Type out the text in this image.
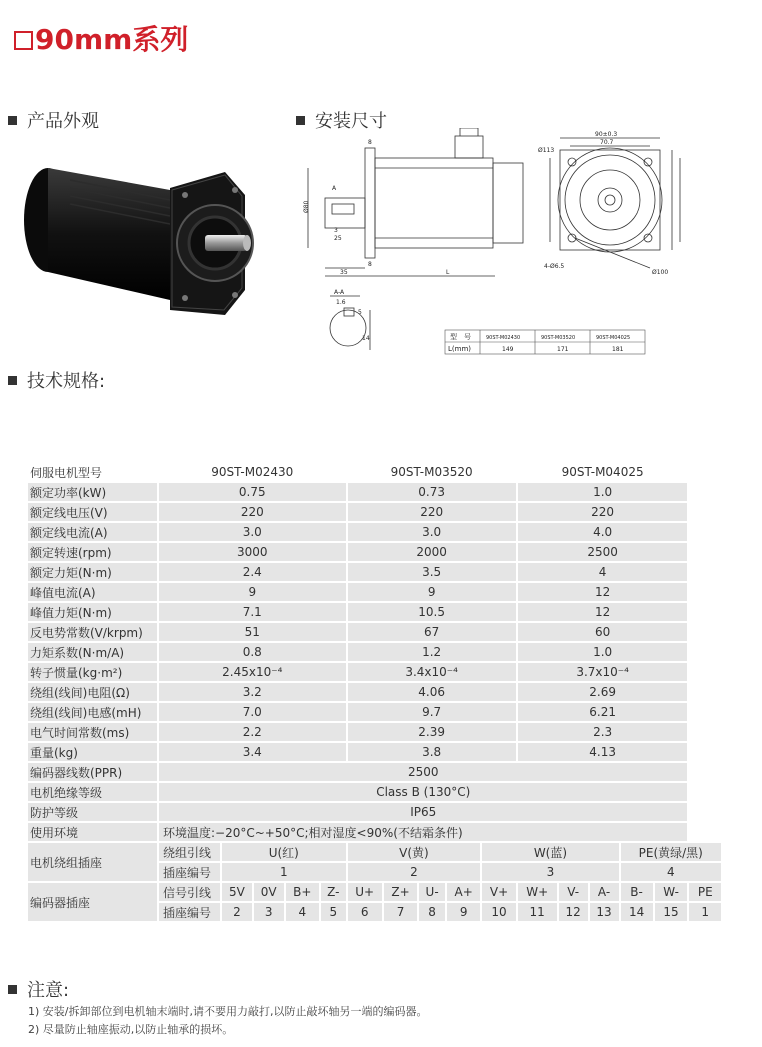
90mm系列
产品外观	安装尺寸
技术规格:
注意:
Ø80
8
35
8
L
3
25
A
A-A
1.6
5
14
90±0.3
70.7
Ø113
4-Ø6.5
Ø100
型　号
L(mm)
90ST-M02430	90ST-M03520	90ST-M04025
149	171	181
伺服电机型号	90ST-M02430					90ST-M03520					90ST-M04025					
额定功率(kW)	0.75					0.73					1.0					
额定线电压(V)	220					220					220					
额定线电流(A)	3.0					3.0					4.0					
额定转速(rpm)	3000					2000					2500					
额定力矩(N·m)	2.4					3.5					4					
峰值电流(A)	9					9					12					
峰值力矩(N·m)	7.1					10.5					12					
反电势常数(V/krpm)	51					67					60					
力矩系数(N·m/A)	0.8					1.2					1.0					
转子惯量(kg·m²)	2.45x10⁻⁴					3.4x10⁻⁴					3.7x10⁻⁴					
绕组(线间)电阻(Ω)	3.2					4.06					2.69					
绕组(线间)电感(mH)	7.0					9.7					6.21					
电气时间常数(ms)	2.2					2.39					2.3					
重量(kg)	3.4					3.8					4.13					
编码器线数(PPR)	2500															
电机绝缘等级	Class B (130°C)															
防护等级	IP65															
使用环境	环境温度:−20°C~+50°C;相对湿度<90%(不结霜条件)															
电机绕组插座	绕组引线	U(红)				V(黄)				W(蓝)				PE(黄绿/黑)		
	插座编号	1				2				3				4		
编码器插座	信号引线	5V	0V	B+	Z-	U+	Z+	U-	A+	V+	W+	V-	A-	B-	W-	PE
	插座编号	2	3	4	5	6	7	8	9	10	11	12	13	14	15	1
1) 安装/拆卸部位到电机轴末端时,请不要用力敲打,以防止敲坏轴另一端的编码器。
2) 尽量防止轴座振动,以防止轴承的损坏。
